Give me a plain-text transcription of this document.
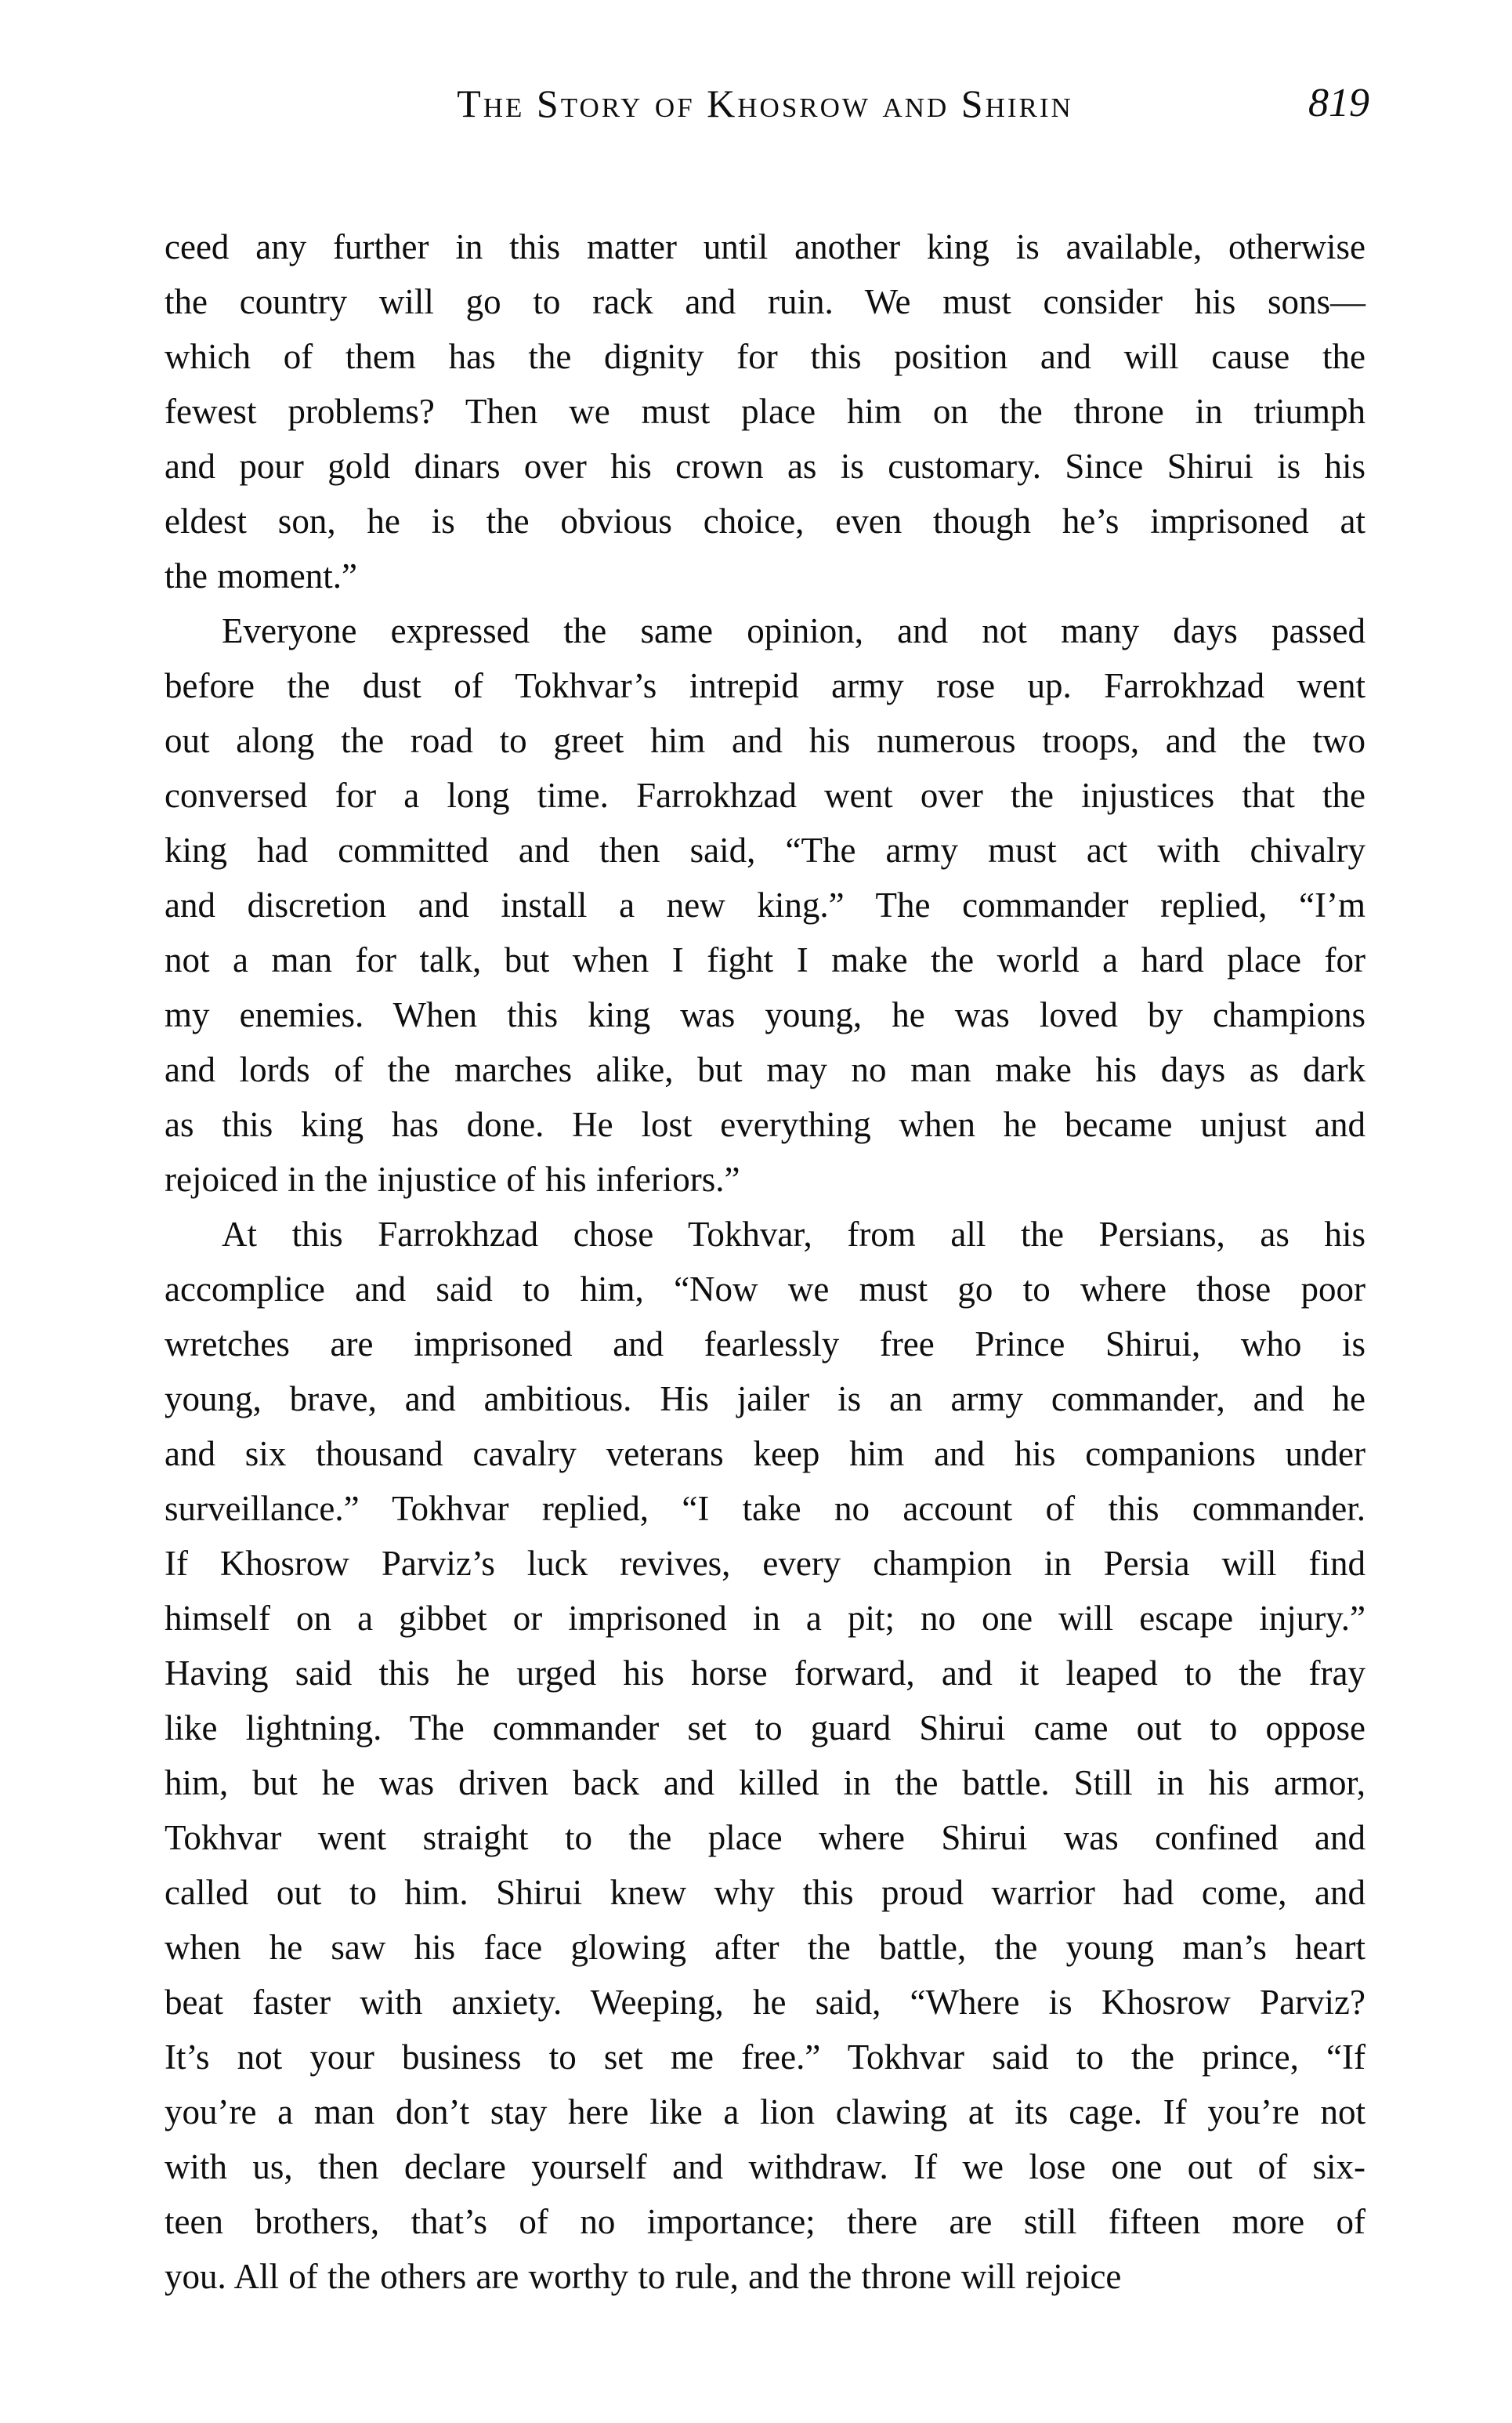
The Story of Khosrow and Shirin	819
ceed any further in this matter until another king is available, otherwise
the country will go to rack and ruin. We must consider his sons—
which of them has the dignity for this position and will cause the
fewest problems? Then we must place him on the throne in triumph
and pour gold dinars over his crown as is customary. Since Shirui is his
eldest son, he is the obvious choice, even though he’s imprisoned at
the moment.”
Everyone expressed the same opinion, and not many days passed
before the dust of Tokhvar’s intrepid army rose up. Farrokhzad went
out along the road to greet him and his numerous troops, and the two
conversed for a long time. Farrokhzad went over the injustices that the
king had committed and then said, “The army must act with chivalry
and discretion and install a new king.” The commander replied, “I’m
not a man for talk, but when I fight I make the world a hard place for
my enemies. When this king was young, he was loved by champions
and lords of the marches alike, but may no man make his days as dark
as this king has done. He lost everything when he became unjust and
rejoiced in the injustice of his inferiors.”
At this Farrokhzad chose Tokhvar, from all the Persians, as his
accomplice and said to him, “Now we must go to where those poor
wretches are imprisoned and fearlessly free Prince Shirui, who is
young, brave, and ambitious. His jailer is an army commander, and he
and six thousand cavalry veterans keep him and his companions under
surveillance.” Tokhvar replied, “I take no account of this commander.
If Khosrow Parviz’s luck revives, every champion in Persia will find
himself on a gibbet or imprisoned in a pit; no one will escape injury.”
Having said this he urged his horse forward, and it leaped to the fray
like lightning. The commander set to guard Shirui came out to oppose
him, but he was driven back and killed in the battle. Still in his armor,
Tokhvar went straight to the place where Shirui was confined and
called out to him. Shirui knew why this proud warrior had come, and
when he saw his face glowing after the battle, the young man’s heart
beat faster with anxiety. Weeping, he said, “Where is Khosrow Parviz?
It’s not your business to set me free.” Tokhvar said to the prince, “If
you’re a man don’t stay here like a lion clawing at its cage. If you’re not
with us, then declare yourself and withdraw. If we lose one out of six-
teen brothers, that’s of no importance; there are still fifteen more of
you. All of the others are worthy to rule, and the throne will rejoice
